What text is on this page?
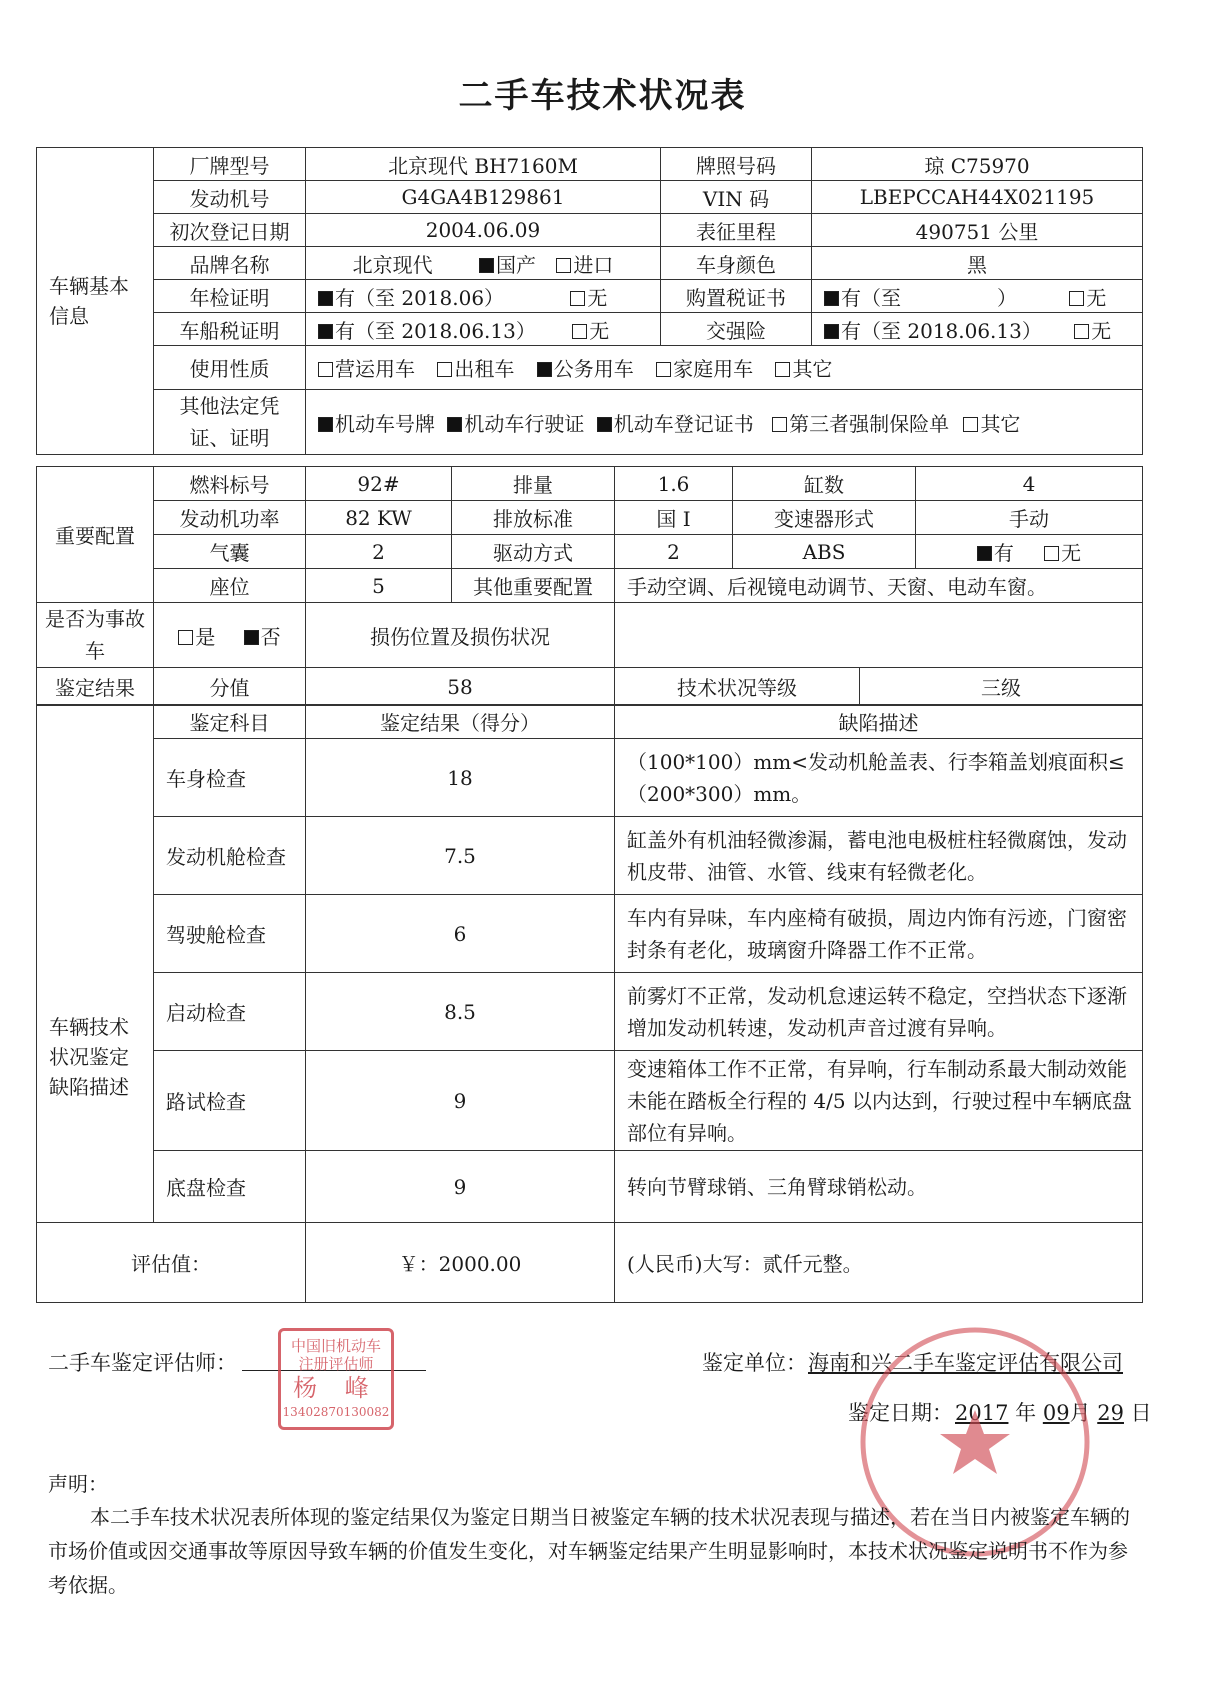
二手车技术状况表
车辆基本信息	厂牌型号	北京现代 BH7160M	牌照号码	琼 C75970
	发动机号	G4GA4B129861	VIN 码	LBEPCCAH44X021195
	初次登记日期	2004.06.09	表征里程	490751 公里
	品牌名称	北京现代 国产 进口	车身颜色	黑
	年检证明	有（至 2018.06） 无	购置税证书	有（至 ） 无
	车船税证明	有（至 2018.06.13） 无	交强险	有（至 2018.06.13） 无
	使用性质	营运用车 出租车 公务用车 家庭用车 其它		
	其他法定凭证、证明	机动车号牌 机动车行驶证 机动车登记证书 第三者强制保险单 其它		
重要配置	燃料标号	92#	排量	1.6	缸数	4
	发动机功率	82 KW	排放标准	国 I	变速器形式	手动
	气囊	2	驱动方式	2	ABS	有 无
	座位	5	其他重要配置	手动空调、后视镜电动调节、天窗、电动车窗。		
是否为事故车	是 否	损伤位置及损伤状况		
鉴定结果	分值	58	技术状况等级	三级
车辆技术状况鉴定缺陷描述	鉴定科目	鉴定结果（得分）	缺陷描述
	车身检查	18	（100*100）mm<发动机舱盖表、行李箱盖划痕面积≤（200*300）mm。
	发动机舱检查	7.5	缸盖外有机油轻微渗漏，蓄电池电极桩柱轻微腐蚀，发动机皮带、油管、水管、线束有轻微老化。
	驾驶舱检查	6	车内有异味，车内座椅有破损，周边内饰有污迹，门窗密封条有老化，玻璃窗升降器工作不正常。
	启动检查	8.5	前雾灯不正常，发动机怠速运转不稳定，空挡状态下逐渐增加发动机转速，发动机声音过渡有异响。
	路试检查	9	变速箱体工作不正常，有异响，行车制动系最大制动效能未能在踏板全行程的 4/5 以内达到，行驶过程中车辆底盘部位有异响。
	底盘检查	9	转向节臂球销、三角臂球销松动。
评估值：		￥：2000.00	(人民币)大写：贰仟元整。
二手车鉴定评估师：
中国旧机动车
注册评估师
杨 峰
13402870130082
鉴定单位： 海南和兴二手车鉴定评估有限公司
鉴定日期： 2017 年 09月 29 日
声明：
本二手车技术状况表所体现的鉴定结果仅为鉴定日期当日被鉴定车辆的技术状况表现与描述，若在当日内被鉴定车辆的市场价值或因交通事故等原因导致车辆的价值发生变化，对车辆鉴定结果产生明显影响时，本技术状况鉴定说明书不作为参考依据。
